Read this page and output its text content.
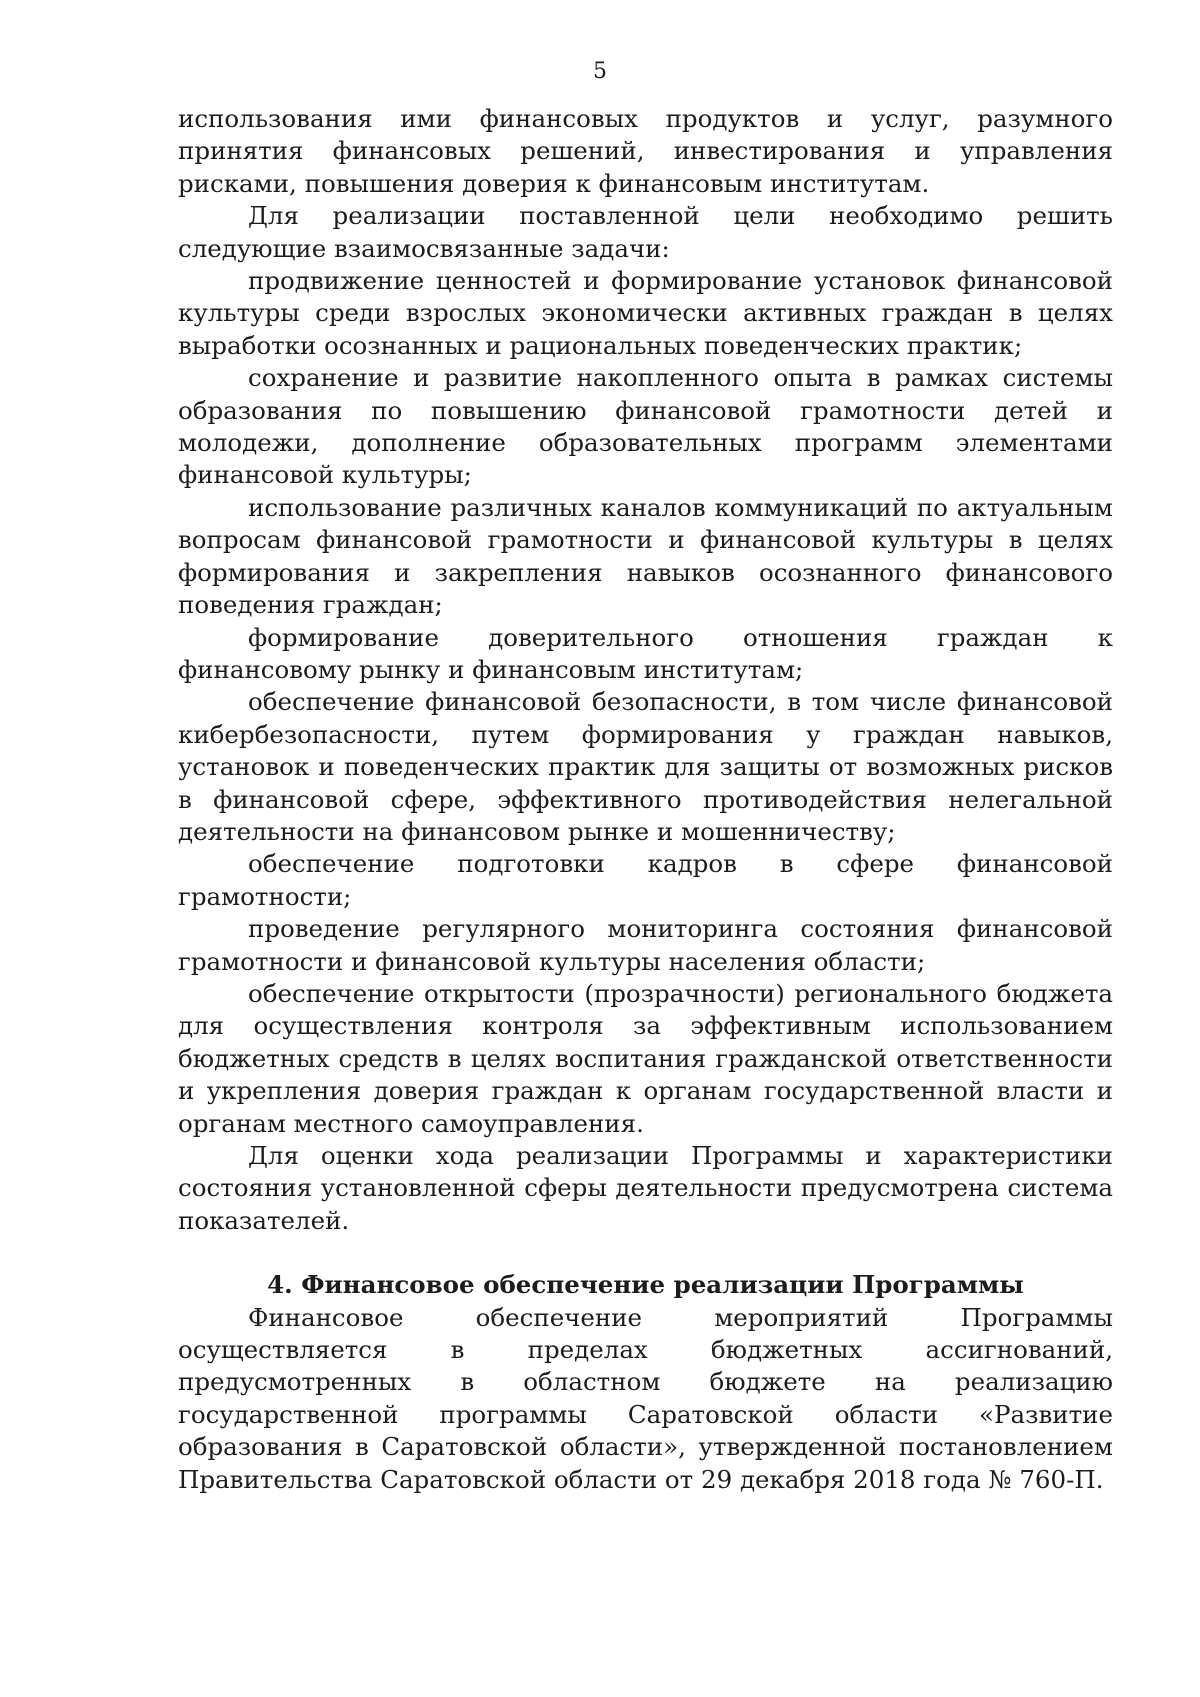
5

использования ими финансовых продуктов и услуг, разумного принятия финансовых решений, инвестирования и управления рисками, повышения доверия к финансовым институтам.

Для реализации поставленной цели необходимо решить следующие взаимосвязанные задачи:

продвижение ценностей и формирование установок финансовой культуры среди взрослых экономически активных граждан в целях выработки осознанных и рациональных поведенческих практик;

сохранение и развитие накопленного опыта в рамках системы образования по повышению финансовой грамотности детей и молодежи, дополнение образовательных программ элементами финансовой культуры;

использование различных каналов коммуникаций по актуальным вопросам финансовой грамотности и финансовой культуры в целях формирования и закрепления навыков осознанного финансового поведения граждан;

формирование доверительного отношения граждан к финансовому рынку и финансовым институтам;

обеспечение финансовой безопасности, в том числе финансовой кибербезопасности, путем формирования у граждан навыков, установок и поведенческих практик для защиты от возможных рисков в финансовой сфере, эффективного противодействия нелегальной деятельности на финансовом рынке и мошенничеству;

обеспечение подготовки кадров в сфере финансовой грамотности;

проведение регулярного мониторинга состояния финансовой грамотности и финансовой культуры населения области;

обеспечение открытости (прозрачности) регионального бюджета для осуществления контроля за эффективным использованием бюджетных средств в целях воспитания гражданской ответственности и укрепления доверия граждан к органам государственной власти и органам местного самоуправления.

Для оценки хода реализации Программы и характеристики состояния установленной сферы деятельности предусмотрена система показателей.

4. Финансовое обеспечение реализации Программы

Финансовое обеспечение мероприятий Программы осуществляется в пределах бюджетных ассигнований, предусмотренных в областном бюджете на реализацию государственной программы Саратовской области «Развитие образования в Саратовской области», утвержденной постановлением Правительства Саратовской области от 29 декабря 2018 года № 760-П.
